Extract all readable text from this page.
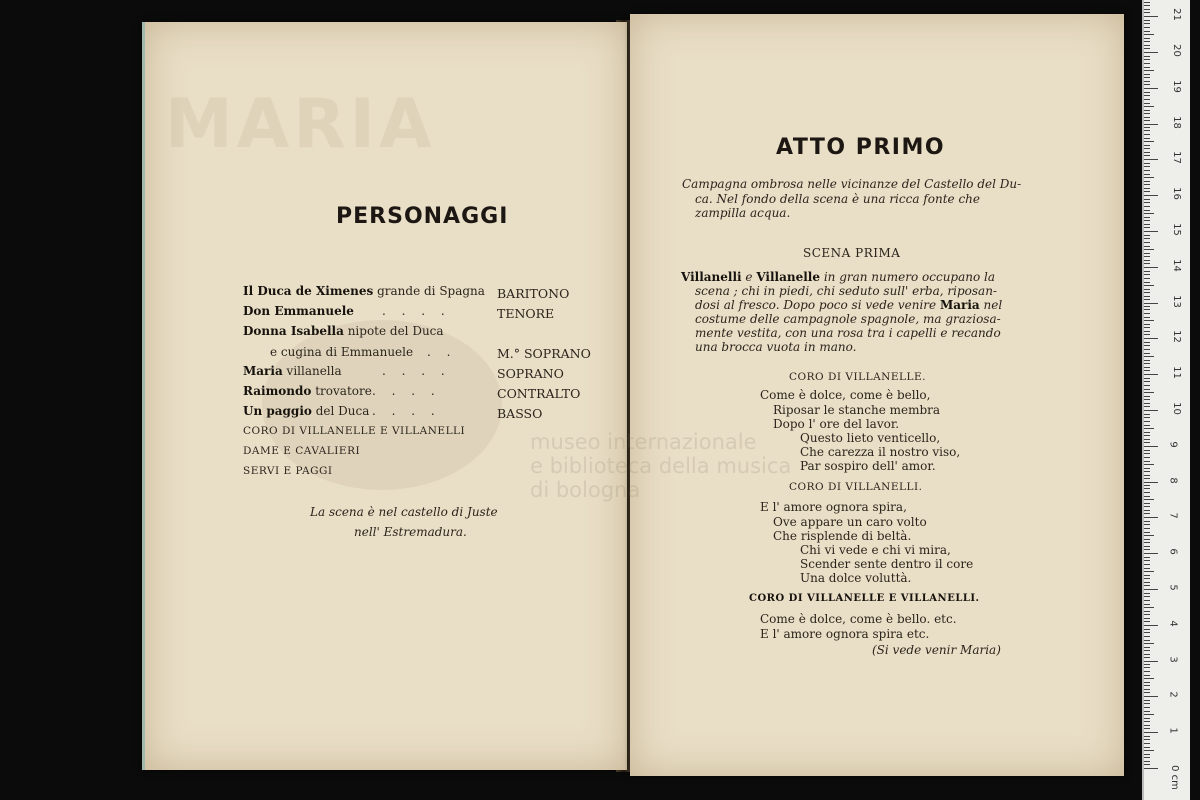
MARIA
museo internazionale
e biblioteca della musica
di bologna
PERSONAGGI
Il Duca de Ximenes grande di Spagna BARITONO
Don Emmanuele . . . .	TENORE
Donna Isabella nipote del Duca
e cugina di Emmanuele . .	M.° SOPRANO
Maria villanella	. . . .	SOPRANO
Raimondo trovatore . . . .	CONTRALTO
Un paggio del Duca . . . .	BASSO
CORO DI VILLANELLE E VILLANELLI
DAME E CAVALIERI
SERVI E PAGGI
La scena è nel castello di Juste
nell' Estremadura.
ATTO PRIMO
Campagna ombrosa nelle vicinanze del Castello del Du-
ca. Nel fondo della scena è una ricca fonte che
zampilla acqua.
SCENA PRIMA
Villanelli e Villanelle in gran numero occupano la
scena ; chi in piedi, chi seduto sull' erba, riposan-
dosi al fresco. Dopo poco si vede venire Maria nel
costume delle campagnole spagnole, ma graziosa-
mente vestita, con una rosa tra i capelli e recando
una brocca vuota in mano.
CORO DI VILLANELLE.
Come è dolce, come è bello,
Riposar le stanche membra
Dopo l' ore del lavor.
Questo lieto venticello,
Che carezza il nostro viso,
Par sospiro dell' amor.
CORO DI VILLANELLI.
E l' amore ognora spira,
Ove appare un caro volto
Che risplende di beltà.
Chi vi vede e chi vi mira,
Scender sente dentro il core
Una dolce voluttà.
CORO DI VILLANELLE E VILLANELLI.
Come è dolce, come è bello. etc.
E l' amore ognora spira etc.
(Si vede venir Maria)
0 cm
1
2
3
4
5
6
7
8
9
10
11
12
13
14
15
16
17
18
19
20
21
